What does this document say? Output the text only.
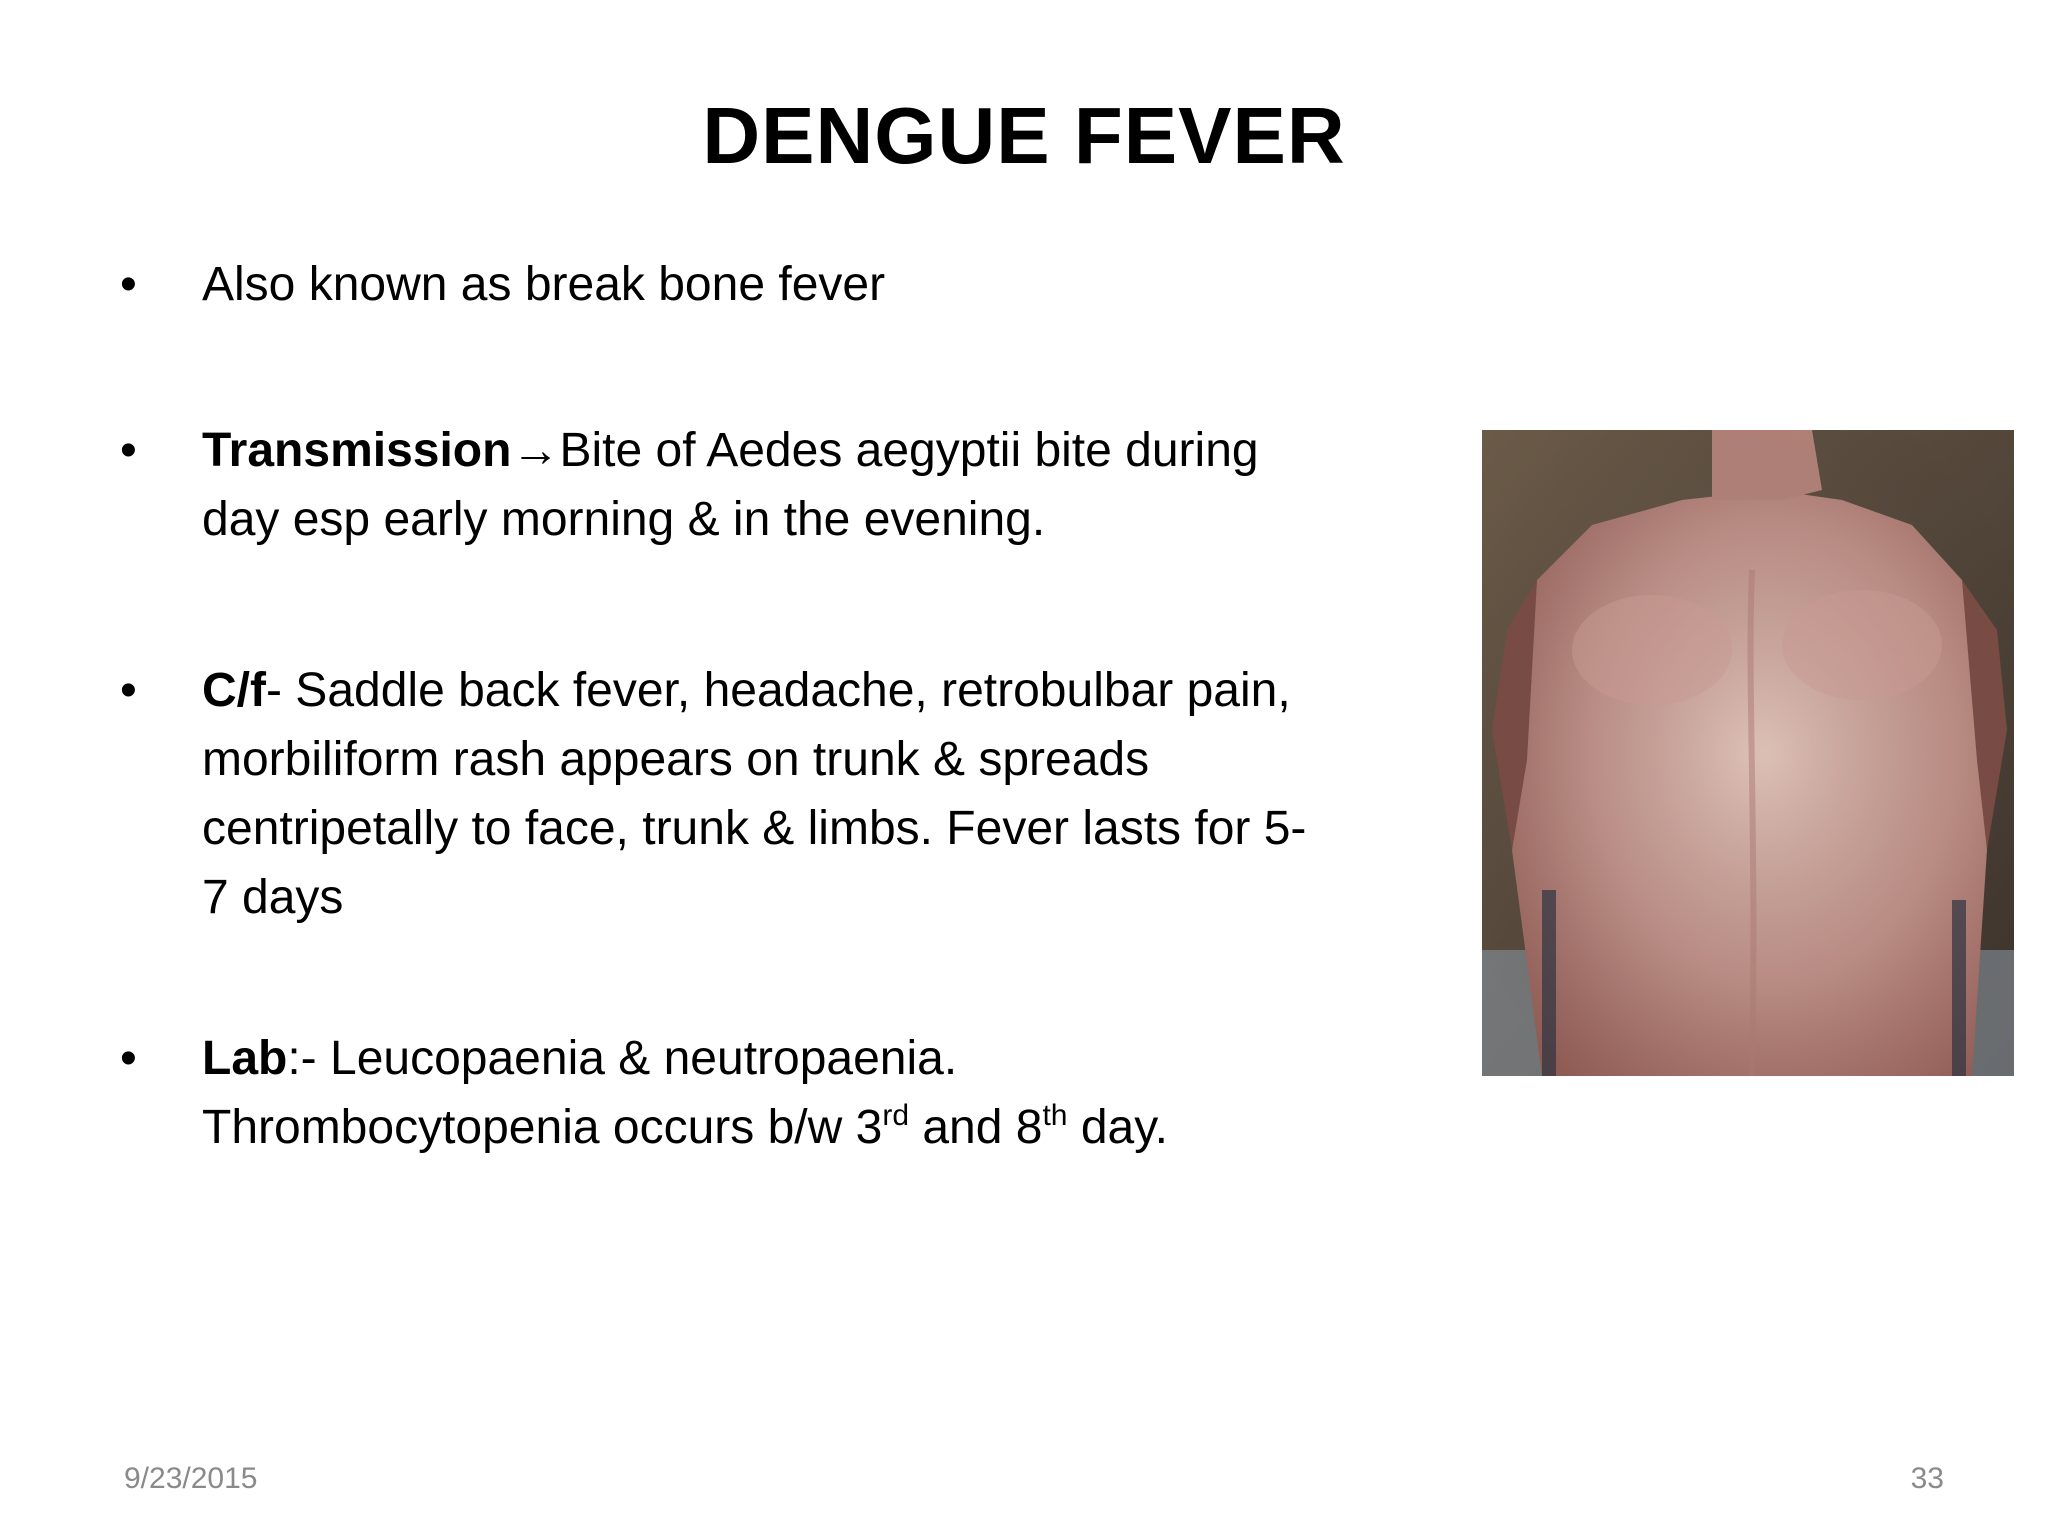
DENGUE FEVER
• Also known as break bone fever
• Transmission→Bite of Aedes aegyptii bite during
day esp early morning & in the evening.
• C/f- Saddle back fever, headache, retrobulbar pain,
morbiliform rash appears on trunk & spreads
centripetally to face, trunk & limbs. Fever lasts for 5-
7 days
• Lab:- Leucopaenia & neutropaenia.
Thrombocytopenia occurs b/w 3rd and 8th day.
9/23/2015	33
